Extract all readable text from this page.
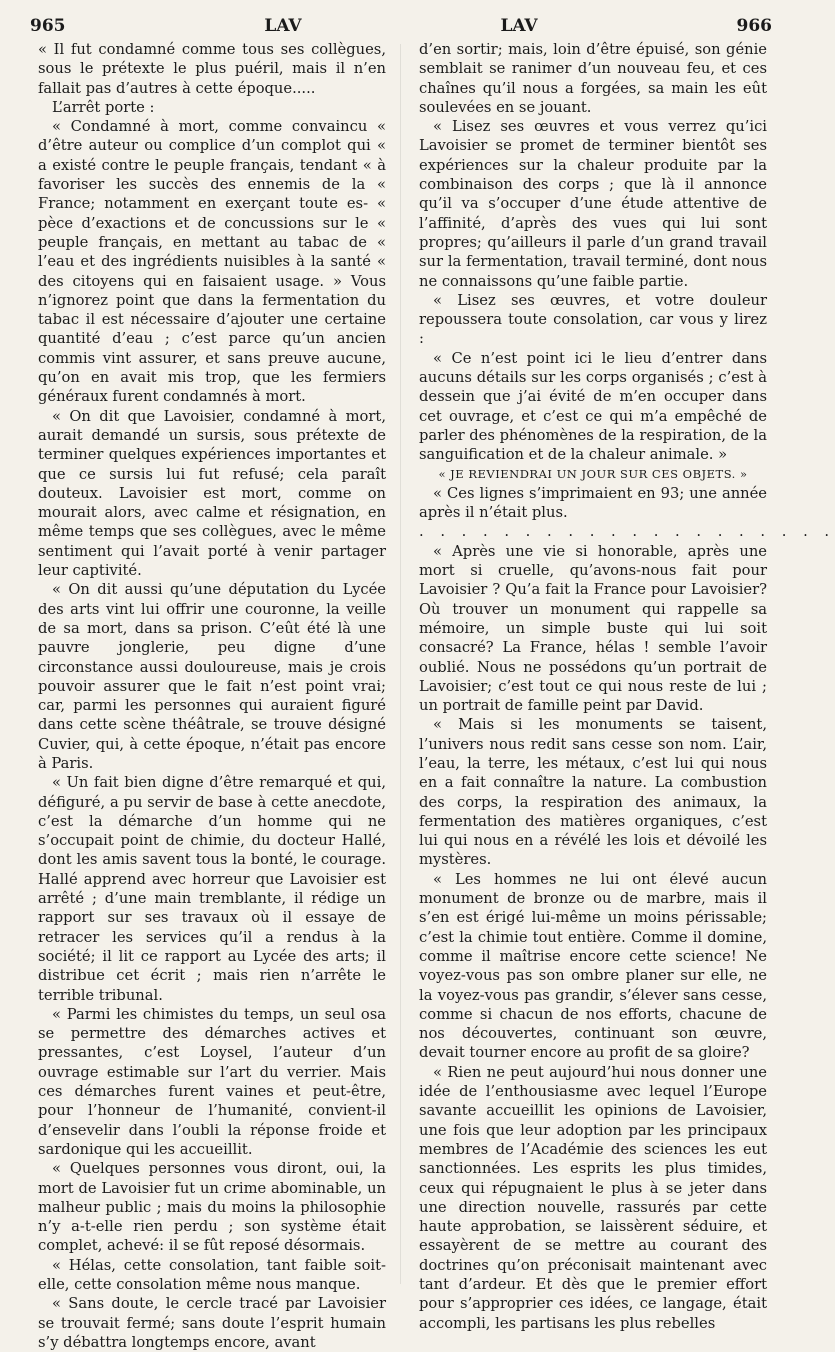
965	LAV	LAV	966

« Il fut condamné comme tous ses collègues, sous le prétexte le plus puéril, mais il n’en fallait pas d’autres à cette époque.....

L’arrêt porte :

« Condamné à mort, comme convaincu « d’être auteur ou complice d’un complot qui « a existé contre le peuple français, tendant « à favoriser les succès des ennemis de la « France; notamment en exerçant toute es- « pèce d’exactions et de concussions sur le « peuple français, en mettant au tabac de « l’eau et des ingrédients nuisibles à la santé « des citoyens qui en faisaient usage. » Vous n’ignorez point que dans la fermentation du tabac il est nécessaire d’ajouter une certaine quantité d’eau ; c’est parce qu’un ancien commis vint assurer, et sans preuve aucune, qu’on en avait mis trop, que les fermiers généraux furent condamnés à mort.

« On dit que Lavoisier, condamné à mort, aurait demandé un sursis, sous prétexte de terminer quelques expériences importantes et que ce sursis lui fut refusé; cela paraît douteux. Lavoisier est mort, comme on mourait alors, avec calme et résignation, en même temps que ses collègues, avec le même sentiment qui l’avait porté à venir partager leur captivité.

« On dit aussi qu’une députation du Lycée des arts vint lui offrir une couronne, la veille de sa mort, dans sa prison. C’eût été là une pauvre jonglerie, peu digne d’une circonstance aussi douloureuse, mais je crois pouvoir assurer que le fait n’est point vrai; car, parmi les personnes qui auraient figuré dans cette scène théâtrale, se trouve désigné Cuvier, qui, à cette époque, n’était pas encore à Paris.

« Un fait bien digne d’être remarqué et qui, défiguré, a pu servir de base à cette anecdote, c’est la démarche d’un homme qui ne s’occupait point de chimie, du docteur Hallé, dont les amis savent tous la bonté, le courage. Hallé apprend avec horreur que Lavoisier est arrêté ; d’une main tremblante, il rédige un rapport sur ses travaux où il essaye de retracer les services qu’il a rendus à la société; il lit ce rapport au Lycée des arts; il distribue cet écrit ; mais rien n’arrête le terrible tribunal.

« Parmi les chimistes du temps, un seul osa se permettre des démarches actives et pressantes, c’est Loysel, l’auteur d’un ouvrage estimable sur l’art du verrier. Mais ces démarches furent vaines et peut-être, pour l’honneur de l’humanité, convient-il d’ensevelir dans l’oubli la réponse froide et sardonique qui les accueillit.

« Quelques personnes vous diront, oui, la mort de Lavoisier fut un crime abominable, un malheur public ; mais du moins la philosophie n’y a-t-elle rien perdu ; son système était complet, achevé: il se fût reposé désormais.

« Hélas, cette consolation, tant faible soit-elle, cette consolation même nous manque.

« Sans doute, le cercle tracé par Lavoisier se trouvait fermé; sans doute l’esprit humain s’y débattra longtemps encore, avant

d’en sortir; mais, loin d’être épuisé, son génie semblait se ranimer d’un nouveau feu, et ces chaînes qu’il nous a forgées, sa main les eût soulevées en se jouant.

« Lisez ses œuvres et vous verrez qu’ici Lavoisier se promet de terminer bientôt ses expériences sur la chaleur produite par la combinaison des corps ; que là il annonce qu’il va s’occuper d’une étude attentive de l’affinité, d’après des vues qui lui sont propres; qu’ailleurs il parle d’un grand travail sur la fermentation, travail terminé, dont nous ne connaissons qu’une faible partie.

« Lisez ses œuvres, et votre douleur repoussera toute consolation, car vous y lirez :

« Ce n’est point ici le lieu d’entrer dans aucuns détails sur les corps organisés ; c’est à dessein que j’ai évité de m’en occuper dans cet ouvrage, et c’est ce qui m’a empêché de parler des phénomènes de la respiration, de la sanguification et de la chaleur animale. »

« JE REVIENDRAI UN JOUR SUR CES OBJETS. »

« Ces lignes s’imprimaient en 93; une année après il n’était plus.

. . . . . . . . . . . . . . . . . . . .

« Après une vie si honorable, après une mort si cruelle, qu’avons-nous fait pour Lavoisier ? Qu’a fait la France pour Lavoisier? Où trouver un monument qui rappelle sa mémoire, un simple buste qui lui soit consacré? La France, hélas ! semble l’avoir oublié. Nous ne possédons qu’un portrait de Lavoisier; c’est tout ce qui nous reste de lui ; un portrait de famille peint par David.

« Mais si les monuments se taisent, l’univers nous redit sans cesse son nom. L’air, l’eau, la terre, les métaux, c’est lui qui nous en a fait connaître la nature. La combustion des corps, la respiration des animaux, la fermentation des matières organiques, c’est lui qui nous en a révélé les lois et dévoilé les mystères.

« Les hommes ne lui ont élevé aucun monument de bronze ou de marbre, mais il s’en est érigé lui-même un moins périssable; c’est la chimie tout entière. Comme il domine, comme il maîtrise encore cette science! Ne voyez-vous pas son ombre planer sur elle, ne la voyez-vous pas grandir, s’élever sans cesse, comme si chacun de nos efforts, chacune de nos découvertes, continuant son œuvre, devait tourner encore au profit de sa gloire?

« Rien ne peut aujourd’hui nous donner une idée de l’enthousiasme avec lequel l’Europe savante accueillit les opinions de Lavoisier, une fois que leur adoption par les principaux membres de l’Académie des sciences les eut sanctionnées. Les esprits les plus timides, ceux qui répugnaient le plus à se jeter dans une direction nouvelle, rassurés par cette haute approbation, se laissèrent séduire, et essayèrent de se mettre au courant des doctrines qu’on préconisait maintenant avec tant d’ardeur. Et dès que le premier effort pour s’approprier ces idées, ce langage, était accompli, les partisans les plus rebelles
